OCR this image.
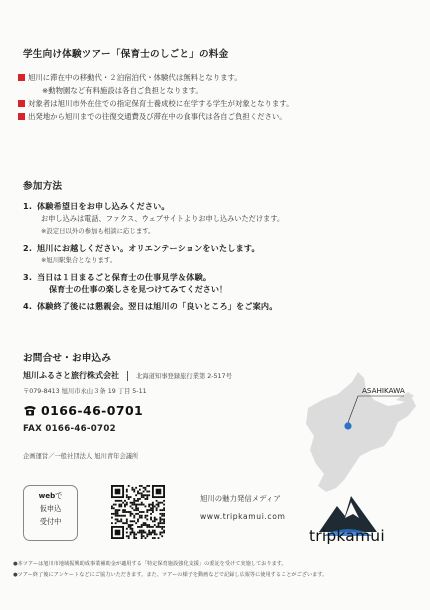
学生向け体験ツアー「保育士のしごと」の料金
旭川に滞在中の移動代・２泊宿泊代・体験代は無料となります。
※動物園など有料施設は各自ご負担となります。
対象者は旭川市外在住での指定保育士養成校に在学する学生が対象となります。
出発地から旭川までの往復交通費及び滞在中の食事代は各自ご負担ください。
参加方法
1. 体験希望日をお申し込みください。
お申し込みは電話、ファクス、ウェブサイトよりお申し込みいただけます。
※設定日以外の参加も相談に応じます。
2. 旭川にお越しください。オリエンテーションをいたします。
※旭川駅集合となります。
3. 当日は１日まるごと保育士の仕事見学＆体験。
保育士の仕事の楽しさを見つけてみてください！
4. 体験終了後には懇親会。翌日は旭川の「良いところ」をご案内。
お問合せ・お申込み
旭川ふるさと旅行株式会社	北海道知事登録旅行業第 2-517号
〒079-8413 旭川市永山３条 19 丁目 5-11
0166-46-0701
FAX 0166-46-0702
企画運営／一般社団法人 旭川青年会議所
ASAHIKAWA
webで
仮申込
受付中
旭川の魅力発信メディア
www.tripkamui.com
tripkamui
●本ツアーは旭川市地域振興助成事業補助金が適用する「特定保育施設強化支援」の委託を受けて実施しております。
●ツアー終了後にアンケートなどにご協力いただきます。また、ツアーの様子を動画などで記録し広報等に使用することがございます。
